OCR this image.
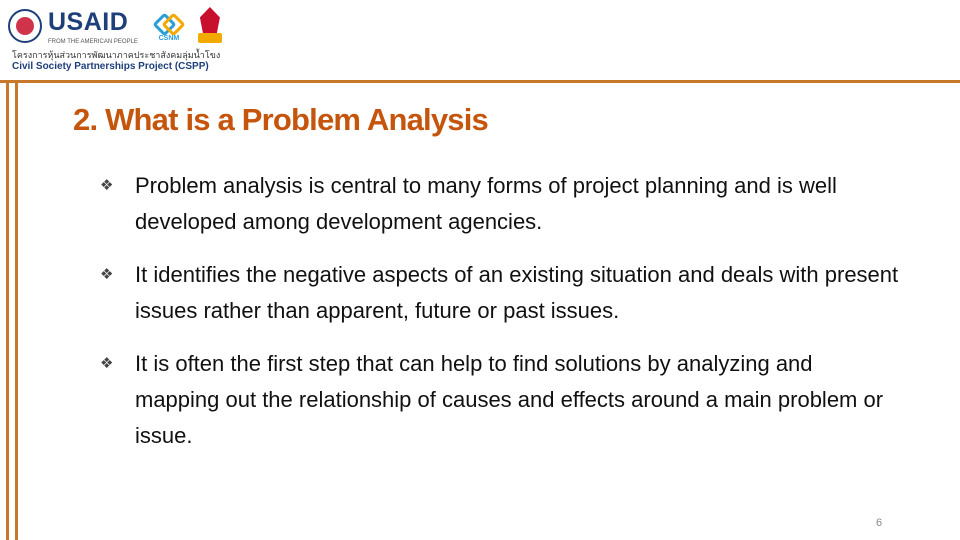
USAID
FROM THE AMERICAN PEOPLE	CSNM
โครงการหุ้นส่วนการพัฒนาภาคประชาสังคมลุ่มน้ำโขง
Civil Society Partnerships Project (CSPP)
2. What is a Problem Analysis
❖ Problem analysis is central to many forms of project planning and is well developed among development agencies.
❖ It identifies the negative aspects of an existing situation and deals with present issues rather than apparent, future or past issues.
❖ It is often the first step that can help to find solutions by analyzing and mapping out the relationship of causes and effects around a main problem or issue.
6
